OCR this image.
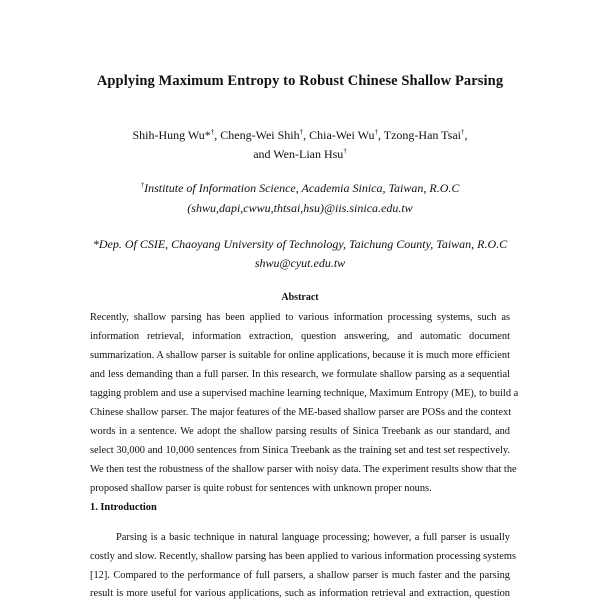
Applying Maximum Entropy to Robust Chinese Shallow Parsing
Shih-Hung Wu*†, Cheng-Wei Shih†, Chia-Wei Wu†, Tzong-Han Tsai†,
and Wen-Lian Hsu†
†Institute of Information Science, Academia Sinica, Taiwan, R.O.C
(shwu,dapi,cwwu,thtsai,hsu)@iis.sinica.edu.tw
*Dep. Of CSIE, Chaoyang University of Technology, Taichung County, Taiwan, R.O.C
shwu@cyut.edu.tw
Abstract
Recently, shallow parsing has been applied to various information processing systems, such as
information retrieval, information extraction, question answering, and automatic document
summarization. A shallow parser is suitable for online applications, because it is much more efficient
and less demanding than a full parser. In this research, we formulate shallow parsing as a sequential
tagging problem and use a supervised machine learning technique, Maximum Entropy (ME), to build a
Chinese shallow parser. The major features of the ME-based shallow parser are POSs and the context
words in a sentence. We adopt the shallow parsing results of Sinica Treebank as our standard, and
select 30,000 and 10,000 sentences from Sinica Treebank as the training set and test set respectively.
We then test the robustness of the shallow parser with noisy data. The experiment results show that the
proposed shallow parser is quite robust for sentences with unknown proper nouns.
1. Introduction
Parsing is a basic technique in natural language processing; however, a full parser is usually
costly and slow. Recently, shallow parsing has been applied to various information processing systems
[12]. Compared to the performance of full parsers, a shallow parser is much faster and the parsing
result is more useful for various applications, such as information retrieval and extraction, question
